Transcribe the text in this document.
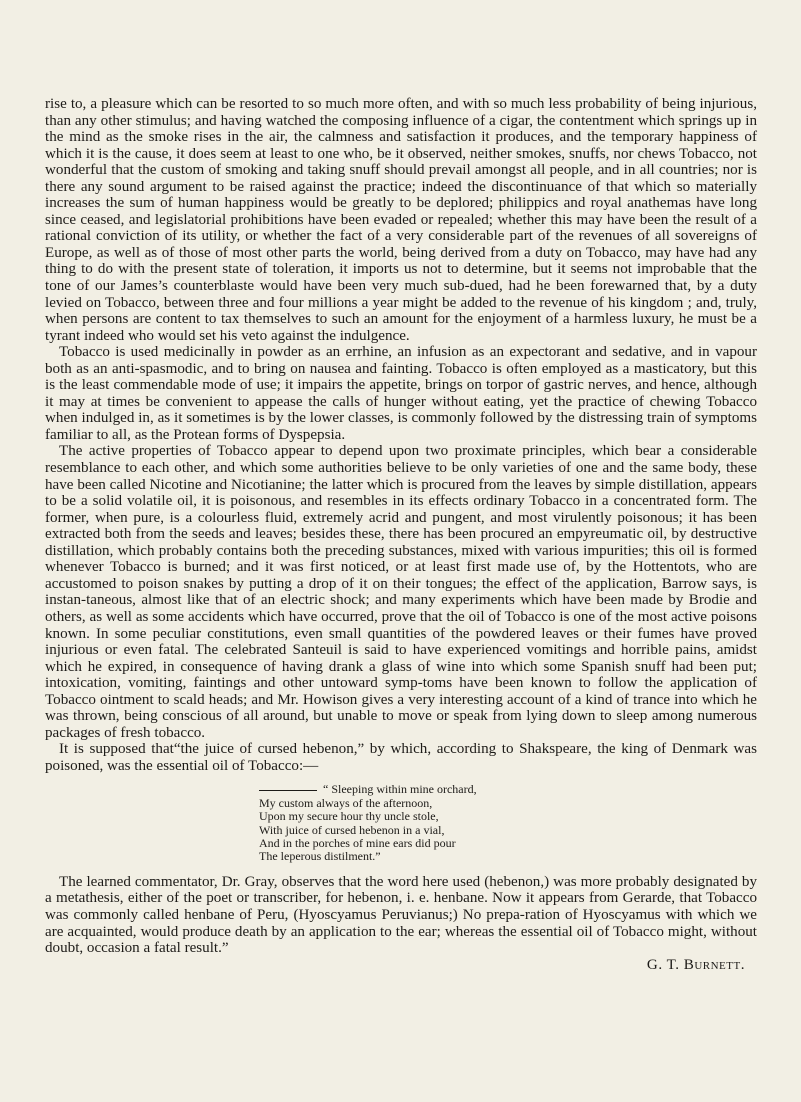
rise to, a pleasure which can be resorted to so much more often, and with so much less probability of being injurious, than any other stimulus; and having watched the composing influence of a cigar, the contentment which springs up in the mind as the smoke rises in the air, the calmness and satisfaction it produces, and the temporary happiness of which it is the cause, it does seem at least to one who, be it observed, neither smokes, snuffs, nor chews Tobacco, not wonderful that the custom of smoking and taking snuff should prevail amongst all people, and in all countries; nor is there any sound argument to be raised against the practice; indeed the discontinuance of that which so materially increases the sum of human happiness would be greatly to be deplored; philippics and royal anathemas have long since ceased, and legislatorial prohibitions have been evaded or repealed; whether this may have been the result of a rational conviction of its utility, or whether the fact of a very considerable part of the revenues of all sovereigns of Europe, as well as of those of most other parts the world, being derived from a duty on Tobacco, may have had any thing to do with the present state of toleration, it imports us not to determine, but it seems not improbable that the tone of our James’s counterblaste would have been very much sub-dued, had he been forewarned that, by a duty levied on Tobacco, between three and four millions a year might be added to the revenue of his kingdom ; and, truly, when persons are content to tax themselves to such an amount for the enjoyment of a harmless luxury, he must be a tyrant indeed who would set his veto against the indulgence.

Tobacco is used medicinally in powder as an errhine, an infusion as an expectorant and sedative, and in vapour both as an anti-spasmodic, and to bring on nausea and fainting. Tobacco is often employed as a masticatory, but this is the least commendable mode of use; it impairs the appetite, brings on torpor of gastric nerves, and hence, although it may at times be convenient to appease the calls of hunger without eating, yet the practice of chewing Tobacco when indulged in, as it sometimes is by the lower classes, is commonly followed by the distressing train of symptoms familiar to all, as the Protean forms of Dyspepsia.

The active properties of Tobacco appear to depend upon two proximate principles, which bear a considerable resemblance to each other, and which some authorities believe to be only varieties of one and the same body, these have been called Nicotine and Nicotianine; the latter which is procured from the leaves by simple distillation, appears to be a solid volatile oil, it is poisonous, and resembles in its effects ordinary Tobacco in a concentrated form. The former, when pure, is a colourless fluid, extremely acrid and pungent, and most virulently poisonous; it has been extracted both from the seeds and leaves; besides these, there has been procured an empyreumatic oil, by destructive distillation, which probably contains both the preceding substances, mixed with various impurities; this oil is formed whenever Tobacco is burned; and it was first noticed, or at least first made use of, by the Hottentots, who are accustomed to poison snakes by putting a drop of it on their tongues; the effect of the application, Barrow says, is instan-taneous, almost like that of an electric shock; and many experiments which have been made by Brodie and others, as well as some accidents which have occurred, prove that the oil of Tobacco is one of the most active poisons known. In some peculiar constitutions, even small quantities of the powdered leaves or their fumes have proved injurious or even fatal. The celebrated Santeuil is said to have experienced vomitings and horrible pains, amidst which he expired, in consequence of having drank a glass of wine into which some Spanish snuff had been put; intoxication, vomiting, faintings and other untoward symp-toms have been known to follow the application of Tobacco ointment to scald heads; and Mr. Howison gives a very interesting account of a kind of trance into which he was thrown, being conscious of all around, but unable to move or speak from lying down to sleep among numerous packages of fresh tobacco.

It is supposed that“the juice of cursed hebenon,” by which, according to Shakspeare, the king of Denmark was poisoned, was the essential oil of Tobacco:—

“ Sleeping within mine orchard,
My custom always of the afternoon,
Upon my secure hour thy uncle stole,
With juice of cursed hebenon in a vial,
And in the porches of mine ears did pour
The leperous distilment.”

The learned commentator, Dr. Gray, observes that the word here used (hebenon,) was more probably designated by a metathesis, either of the poet or transcriber, for hebenon, i. e. henbane. Now it appears from Gerarde, that Tobacco was commonly called henbane of Peru, (Hyoscyamus Peruvianus;) No prepa-ration of Hyoscyamus with which we are acquainted, would produce death by an application to the ear; whereas the essential oil of Tobacco might, without doubt, occasion a fatal result.”

G. T. Burnett.
